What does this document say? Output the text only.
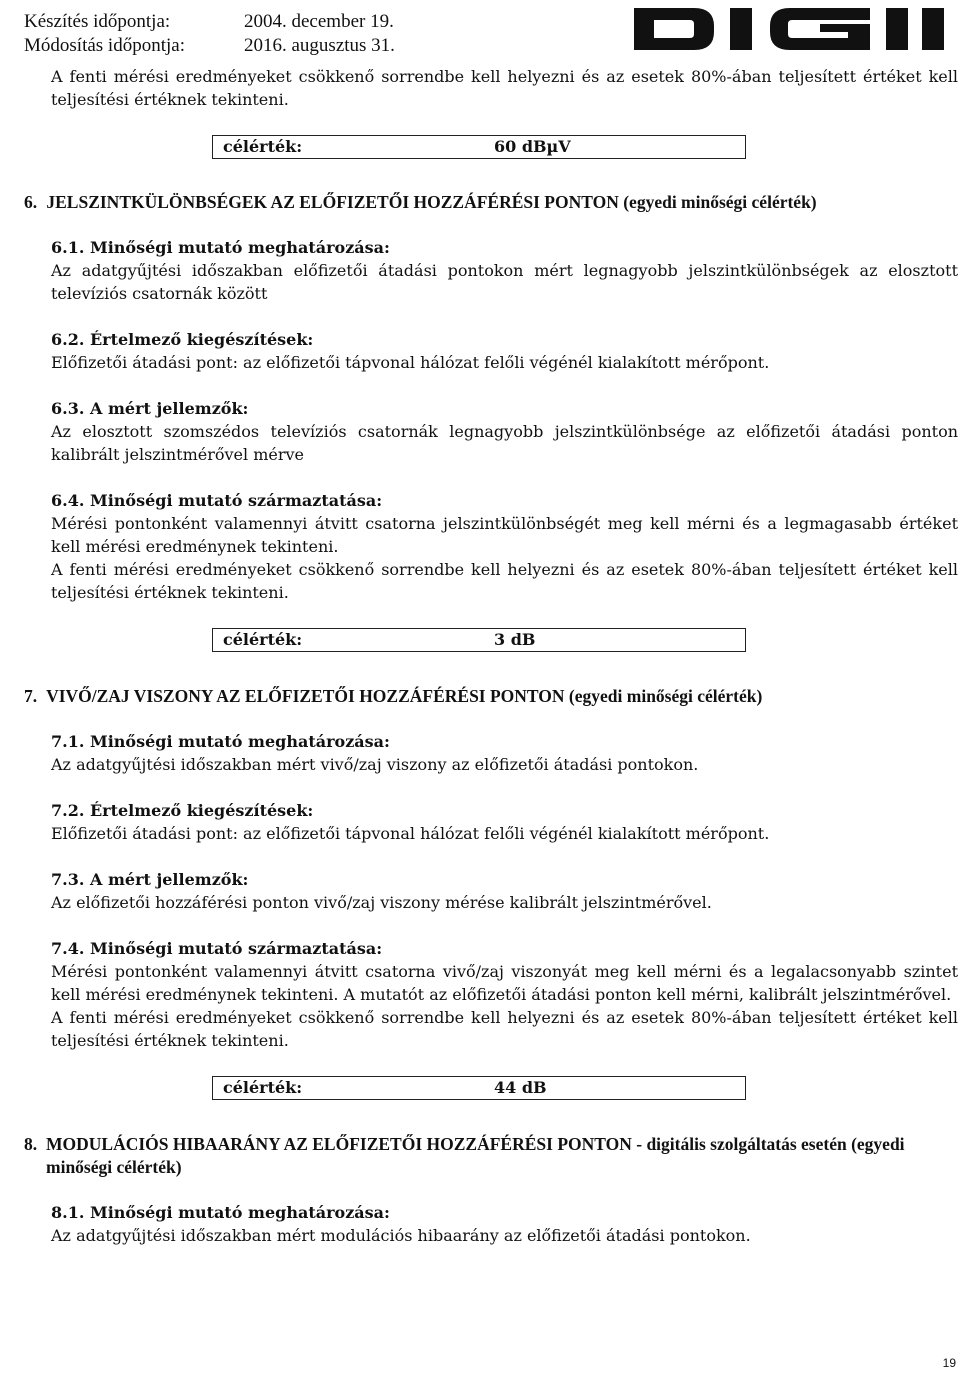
Készítés időpontja:	2004. december 19.
Módosítás időpontja:	2016. augusztus 31.

A fenti mérési eredményeket csökkenő sorrendbe kell helyezni és az esetek 80%-ában teljesített értéket kell teljesítési értéknek tekinteni.

célérték:	60 dBµV
6. JELSZINTKÜLÖNBSÉGEK AZ ELŐFIZETŐI HOZZÁFÉRÉSI PONTON (egyedi minőségi célérték)

6.1. Minőségi mutató meghatározása:

Az adatgyűjtési időszakban előfizetői átadási pontokon mért legnagyobb jelszintkülönbségek az elosztott televíziós csatornák között

6.2. Értelmező kiegészítések:

Előfizetői átadási pont: az előfizetői tápvonal hálózat felőli végénél kialakított mérőpont.

6.3. A mért jellemzők:

Az elosztott szomszédos televíziós csatornák legnagyobb jelszintkülönbsége az előfizetői átadási ponton kalibrált jelszintmérővel mérve

6.4. Minőségi mutató származtatása:

Mérési pontonként valamennyi átvitt csatorna jelszintkülönbségét meg kell mérni és a legmagasabb értéket kell mérési eredménynek tekinteni.

A fenti mérési eredményeket csökkenő sorrendbe kell helyezni és az esetek 80%-ában teljesített értéket kell teljesítési értéknek tekinteni.

célérték:	3 dB
7. VIVŐ/ZAJ VISZONY AZ ELŐFIZETŐI HOZZÁFÉRÉSI PONTON (egyedi minőségi célérték)

7.1. Minőségi mutató meghatározása:

Az adatgyűjtési időszakban mért vivő/zaj viszony az előfizetői átadási pontokon.

7.2. Értelmező kiegészítések:

Előfizetői átadási pont: az előfizetői tápvonal hálózat felőli végénél kialakított mérőpont.

7.3. A mért jellemzők:

Az előfizetői hozzáférési ponton vivő/zaj viszony mérése kalibrált jelszintmérővel.

7.4. Minőségi mutató származtatása:

Mérési pontonként valamennyi átvitt csatorna vivő/zaj viszonyát meg kell mérni és a legalacsonyabb szintet kell mérési eredménynek tekinteni. A mutatót az előfizetői átadási ponton kell mérni, kalibrált jelszintmérővel.

A fenti mérési eredményeket csökkenő sorrendbe kell helyezni és az esetek 80%-ában teljesített értéket kell teljesítési értéknek tekinteni.

célérték:	44 dB
8. MODULÁCIÓS HIBAARÁNY AZ ELŐFIZETŐI HOZZÁFÉRÉSI PONTON - digitális szolgáltatás esetén (egyedi minőségi célérték)

8.1. Minőségi mutató meghatározása:

Az adatgyűjtési időszakban mért modulációs hibaarány az előfizetői átadási pontokon.

19
